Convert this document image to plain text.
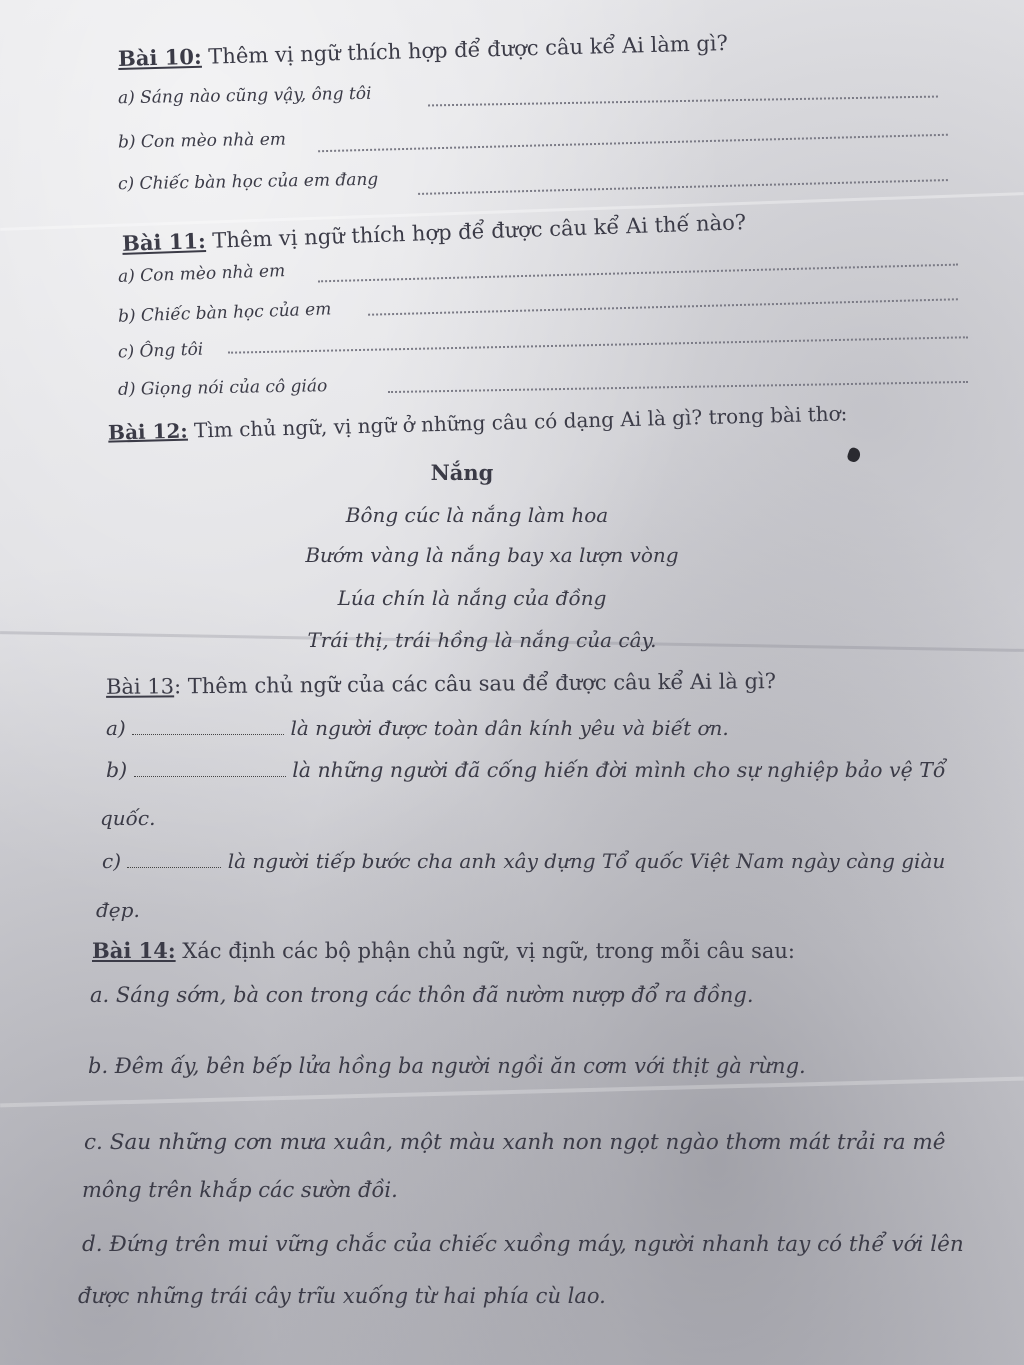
Bài 10: Thêm vị ngữ thích hợp để được câu kể Ai làm gì?
a) Sáng nào cũng vậy, ông tôi
b) Con mèo nhà em
c) Chiếc bàn học của em đang
Bài 11: Thêm vị ngữ thích hợp để được câu kể Ai thế nào?
a) Con mèo nhà em
b) Chiếc bàn học của em
c) Ông tôi
d) Giọng nói của cô giáo
Bài 12: Tìm chủ ngữ, vị ngữ ở những câu có dạng Ai là gì? trong bài thơ:
Nắng
Bông cúc là nắng làm hoa
Bướm vàng là nắng bay xa lượn vòng
Lúa chín là nắng của đồng
Trái thị, trái hồng là nắng của cây.
Bài 13: Thêm chủ ngữ của các câu sau để được câu kể Ai là gì?
a)	là người được toàn dân kính yêu và biết ơn.
b)	là những người đã cống hiến đời mình cho sự nghiệp bảo vệ Tổ
quốc.
c)	là người tiếp bước cha anh xây dựng Tổ quốc Việt Nam ngày càng giàu
đẹp.
Bài 14: Xác định các bộ phận chủ ngữ, vị ngữ, trong mỗi câu sau:
a. Sáng sớm, bà con trong các thôn đã nườm nượp đổ ra đồng.
b. Đêm ấy, bên bếp lửa hồng ba người ngồi ăn cơm với thịt gà rừng.
c. Sau những cơn mưa xuân, một màu xanh non ngọt ngào thơm mát trải ra mê
mông trên khắp các sườn đồi.
d. Đứng trên mui vững chắc của chiếc xuồng máy, người nhanh tay có thể với lên
được những trái cây trĩu xuống từ hai phía cù lao.
